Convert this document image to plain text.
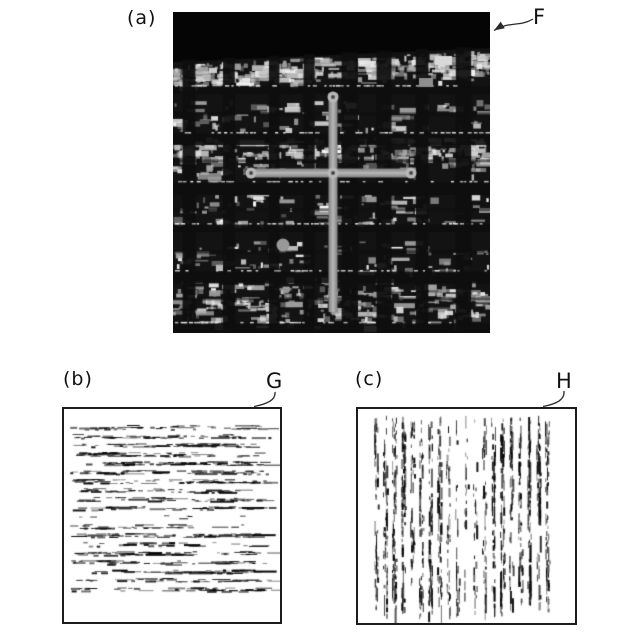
(a)	F
(b)	G	(c)	H
